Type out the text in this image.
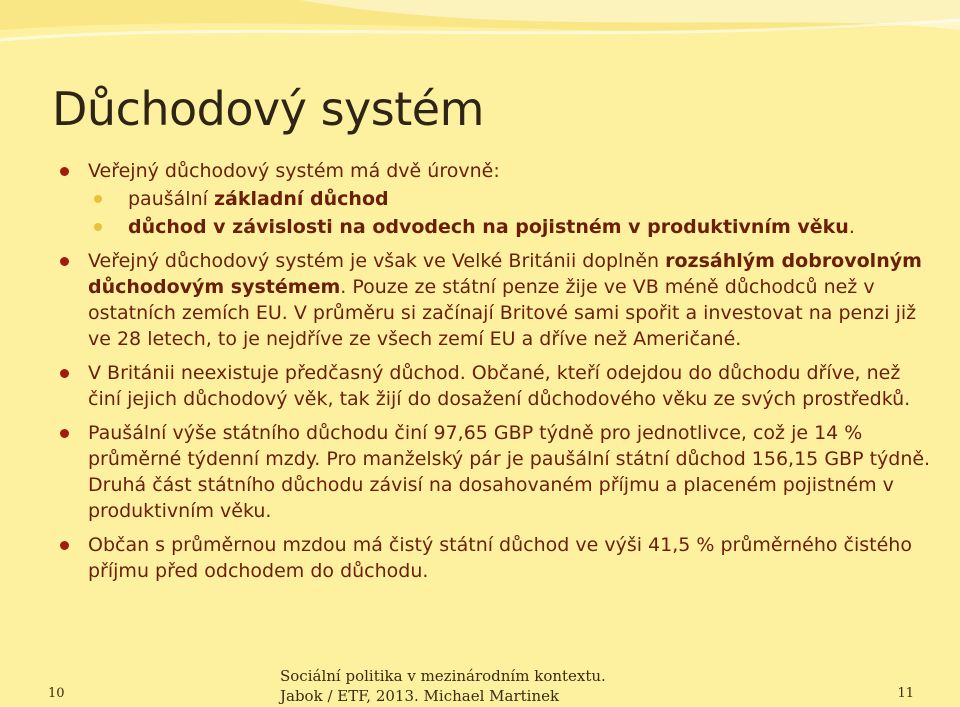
Důchodový systém
Veřejný důchodový systém má dvě úrovně:
paušální základní důchod
důchod v závislosti na odvodech na pojistném v produktivním věku.
Veřejný důchodový systém je však ve Velké Británii doplněn rozsáhlým dobrovolným důchodovým systémem. Pouze ze státní penze žije ve VB méně důchodců než v ostatních zemích EU. V průměru si začínají Britové sami spořit a investovat na penzi již ve 28 letech, to je nejdříve ze všech zemí EU a dříve než Američané.
V Británii neexistuje předčasný důchod. Občané, kteří odejdou do důchodu dříve, než činí jejich důchodový věk, tak žijí do dosažení důchodového věku ze svých prostředků.
Paušální výše státního důchodu činí 97,65 GBP týdně pro jednotlivce, což je 14 % průměrné týdenní mzdy. Pro manželský pár je paušální státní důchod 156,15 GBP týdně. Druhá část státního důchodu závisí na dosahovaném příjmu a placeném pojistném v produktivním věku.
Občan s průměrnou mzdou má čistý státní důchod ve výši 41,5 % průměrného čistého příjmu před odchodem do důchodu.
10
Sociální politika v mezinárodním kontextu.
Jabok / ETF, 2013. Michael Martinek	11
